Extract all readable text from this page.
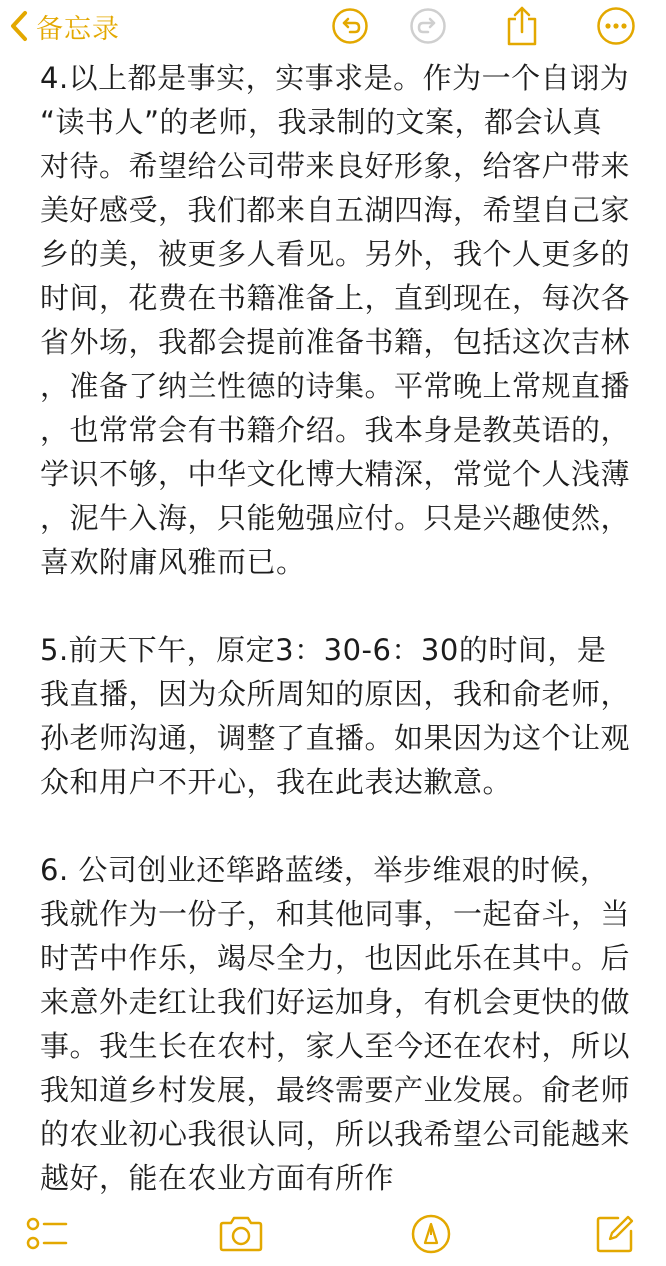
备忘录

4.以上都是事实，实事求是。作为一个自诩为“读书人”的老师，我录制的文案，都会认真对待。希望给公司带来良好形象，给客户带来美好感受，我们都来自五湖四海，希望自己家乡的美，被更多人看见。另外，我个人更多的时间，花费在书籍准备上，直到现在，每次各省外场，我都会提前准备书籍，包括这次吉林，准备了纳兰性德的诗集。平常晚上常规直播，也常常会有书籍介绍。我本身是教英语的，学识不够，中华文化博大精深，常觉个人浅薄，泥牛入海，只能勉强应付。只是兴趣使然，喜欢附庸风雅而已。

5.前天下午，原定3：30-6：30的时间，是我直播，因为众所周知的原因，我和俞老师，孙老师沟通，调整了直播。如果因为这个让观众和用户不开心，我在此表达歉意。

6. 公司创业还筚路蓝缕，举步维艰的时候，我就作为一份子，和其他同事，一起奋斗，当时苦中作乐，竭尽全力，也因此乐在其中。后来意外走红让我们好运加身，有机会更快的做事。我生长在农村，家人至今还在农村，所以我知道乡村发展，最终需要产业发展。俞老师的农业初心我很认同，所以我希望公司能越来越好，能在农业方面有所作
